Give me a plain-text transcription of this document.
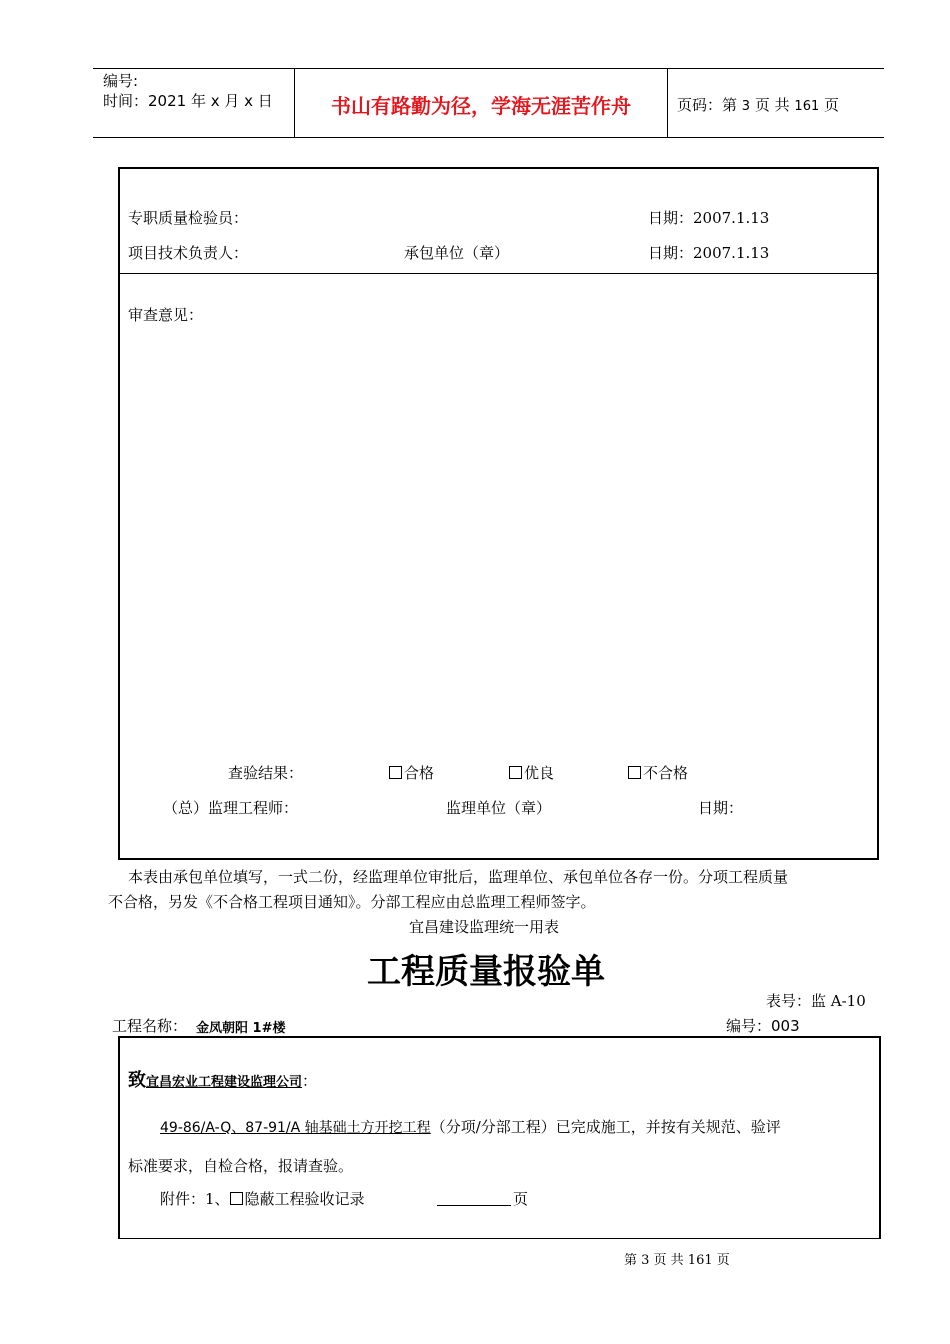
编号:
时间：2021 年 x 月 x 日	书山有路勤为径，学海无涯苦作舟	页码：第 3 页 共 161 页
专职质量检验员：	日期：2007.1.13
项目技术负责人：	承包单位（章）	日期：2007.1.13
审查意见：
查验结果：	合格	优良	不合格
（总）监理工程师：	监理单位（章）	日期：
本表由承包单位填写，一式二份，经监理单位审批后，监理单位、承包单位各存一份。分项工程质量
不合格，另发《不合格工程项目通知》。分部工程应由总监理工程师签字。
宜昌建设监理统一用表
工程质量报验单
表号：监 A-10
工程名称： 金凤朝阳 1#楼	编号：003
致宜昌宏业工程建设监理公司：
49-86/A-Q、87-91/A 轴基础土方开挖工程（分项/分部工程）已完成施工，并按有关规范、验评
标准要求，自检合格，报请查验。
附件：1、 隐蔽工程验收记录	页
第 3 页 共 161 页
